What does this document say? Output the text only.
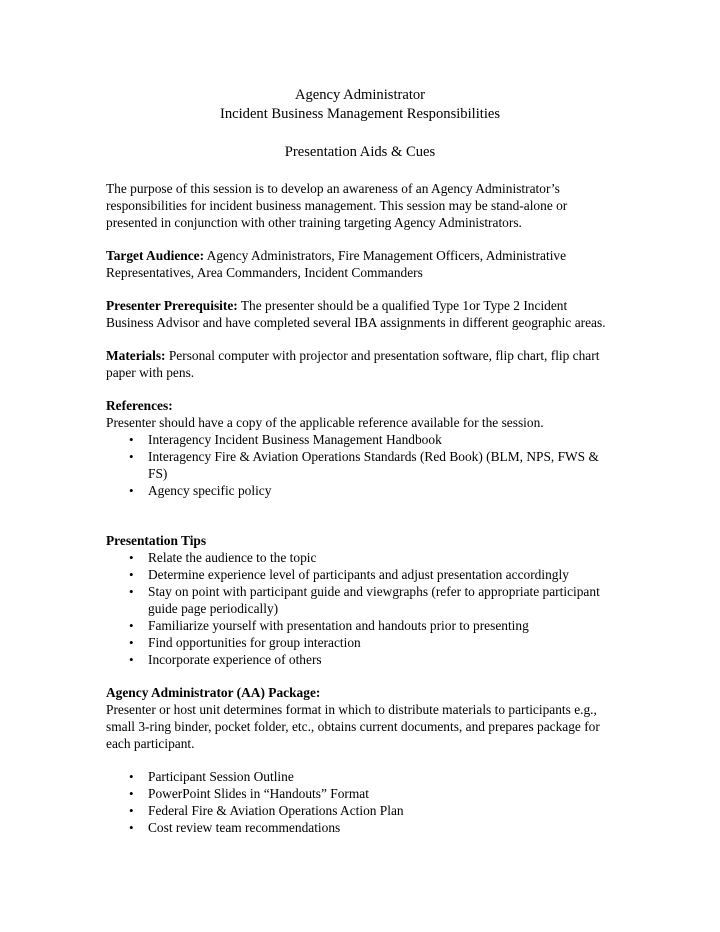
Agency Administrator

Incident Business Management Responsibilities

Presentation Aids & Cues

The purpose of this session is to develop an awareness of an Agency Administrator’s responsibilities for incident business management. This session may be stand-alone or presented in conjunction with other training targeting Agency Administrators.

Target Audience: Agency Administrators, Fire Management Officers, Administrative Representatives, Area Commanders, Incident Commanders

Presenter Prerequisite: The presenter should be a qualified Type 1or Type 2 Incident Business Advisor and have completed several IBA assignments in different geographic areas.

Materials: Personal computer with projector and presentation software, flip chart, flip chart paper with pens.

References:

Presenter should have a copy of the applicable reference available for the session.

• Interagency Incident Business Management Handbook
• Interagency Fire & Aviation Operations Standards (Red Book) (BLM, NPS, FWS & FS)
• Agency specific policy

Presentation Tips

• Relate the audience to the topic
• Determine experience level of participants and adjust presentation accordingly
• Stay on point with participant guide and viewgraphs (refer to appropriate participant guide page periodically)
• Familiarize yourself with presentation and handouts prior to presenting
• Find opportunities for group interaction
• Incorporate experience of others

Agency Administrator (AA) Package:

Presenter or host unit determines format in which to distribute materials to participants e.g., small 3-ring binder, pocket folder, etc., obtains current documents, and prepares package for each participant.

• Participant Session Outline
• PowerPoint Slides in “Handouts” Format
• Federal Fire & Aviation Operations Action Plan
• Cost review team recommendations
